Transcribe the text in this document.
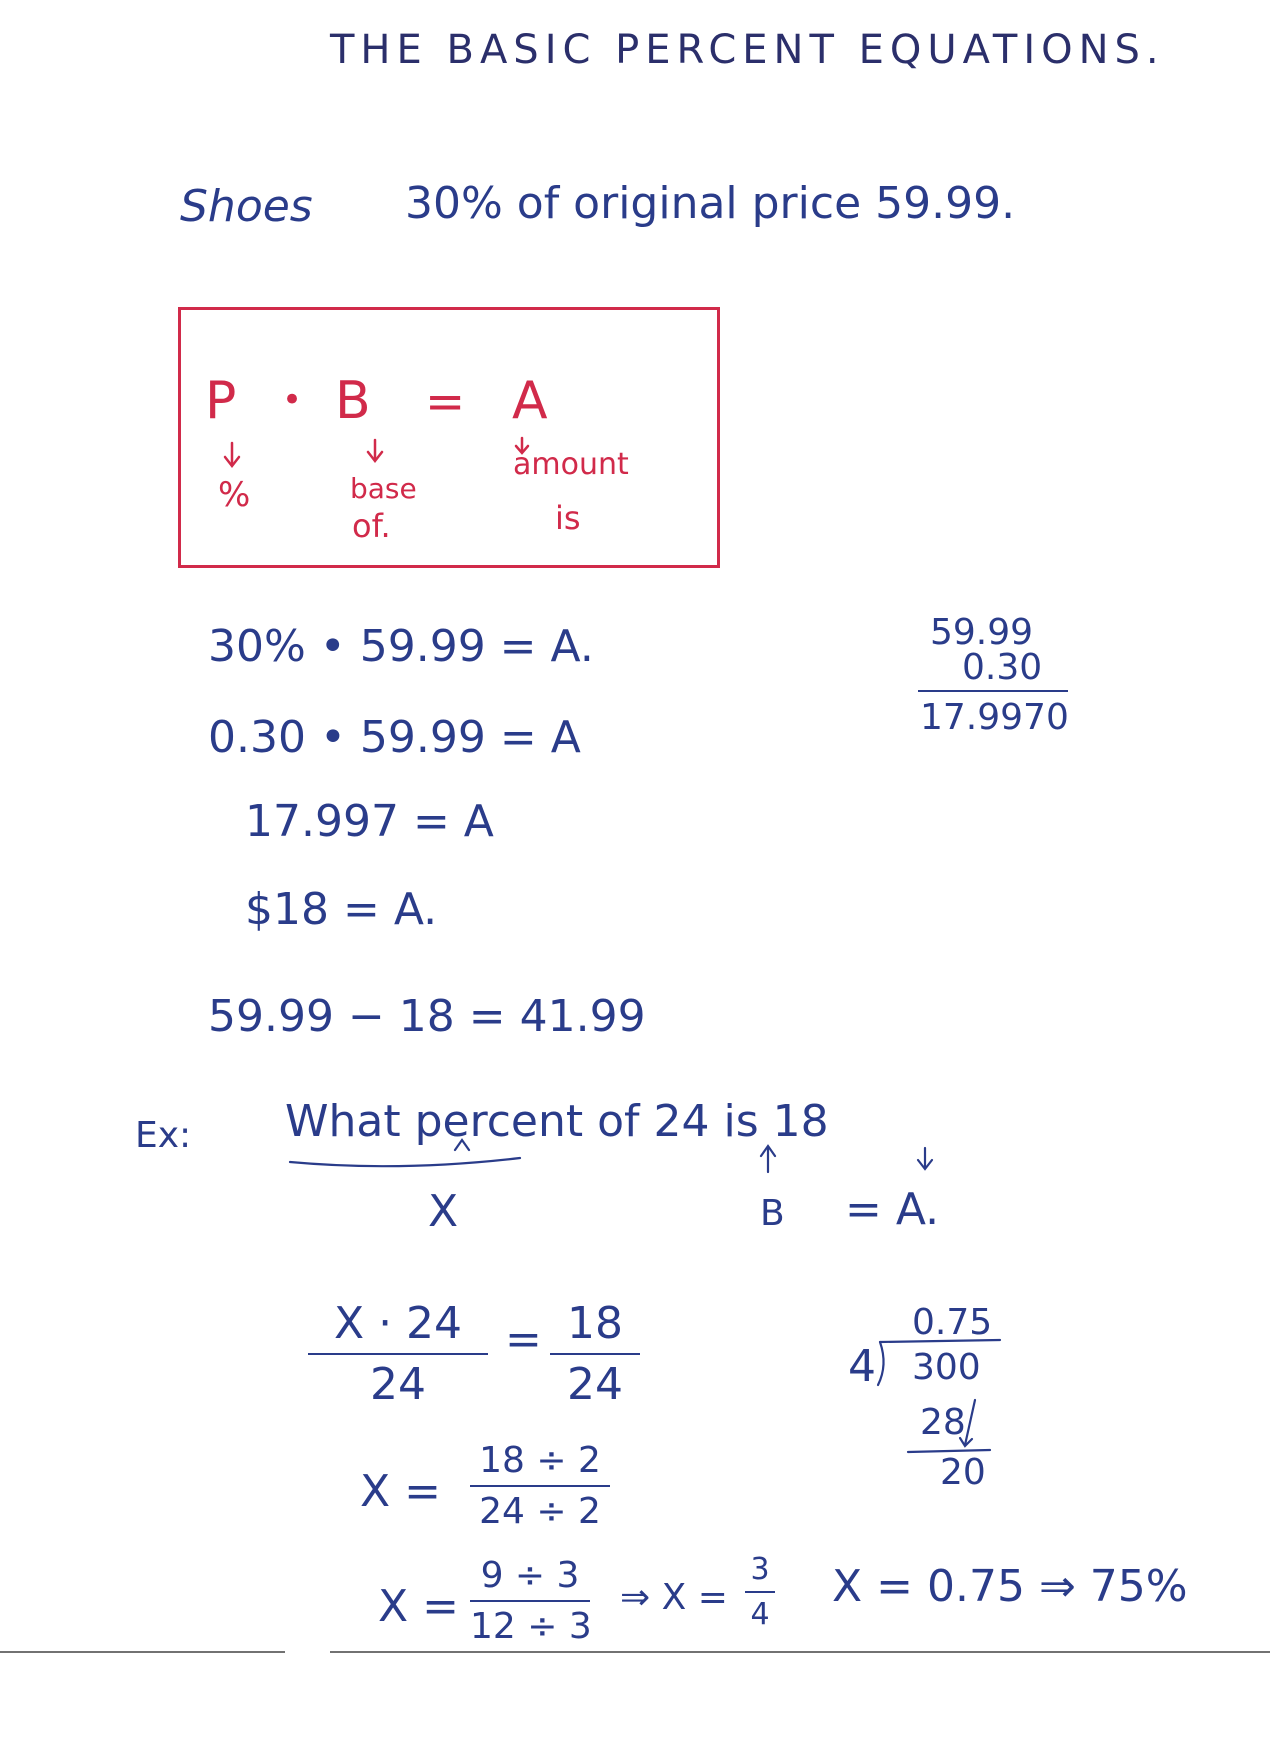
THE BASIC PERCENT EQUATIONS.
Shoes 30% of original price 59.99.
P • B = A
%	base
of.
amount
is
30% • 59.99 = A.
0.30 • 59.99 = A
17.997 = A
$18 = A.
59.99 − 18 = 41.99
59.99
0.30
17.9970
Ex: What percent of 24 is 18
X	B = A.
X · 24
24
= 18
24
X =
18 ÷ 2
24 ÷ 2
X =
9 ÷ 3
12 ÷ 3
⇒ X =
3
4
X = 0.75 ⇒ 75%
0.75
4 300
28
20
